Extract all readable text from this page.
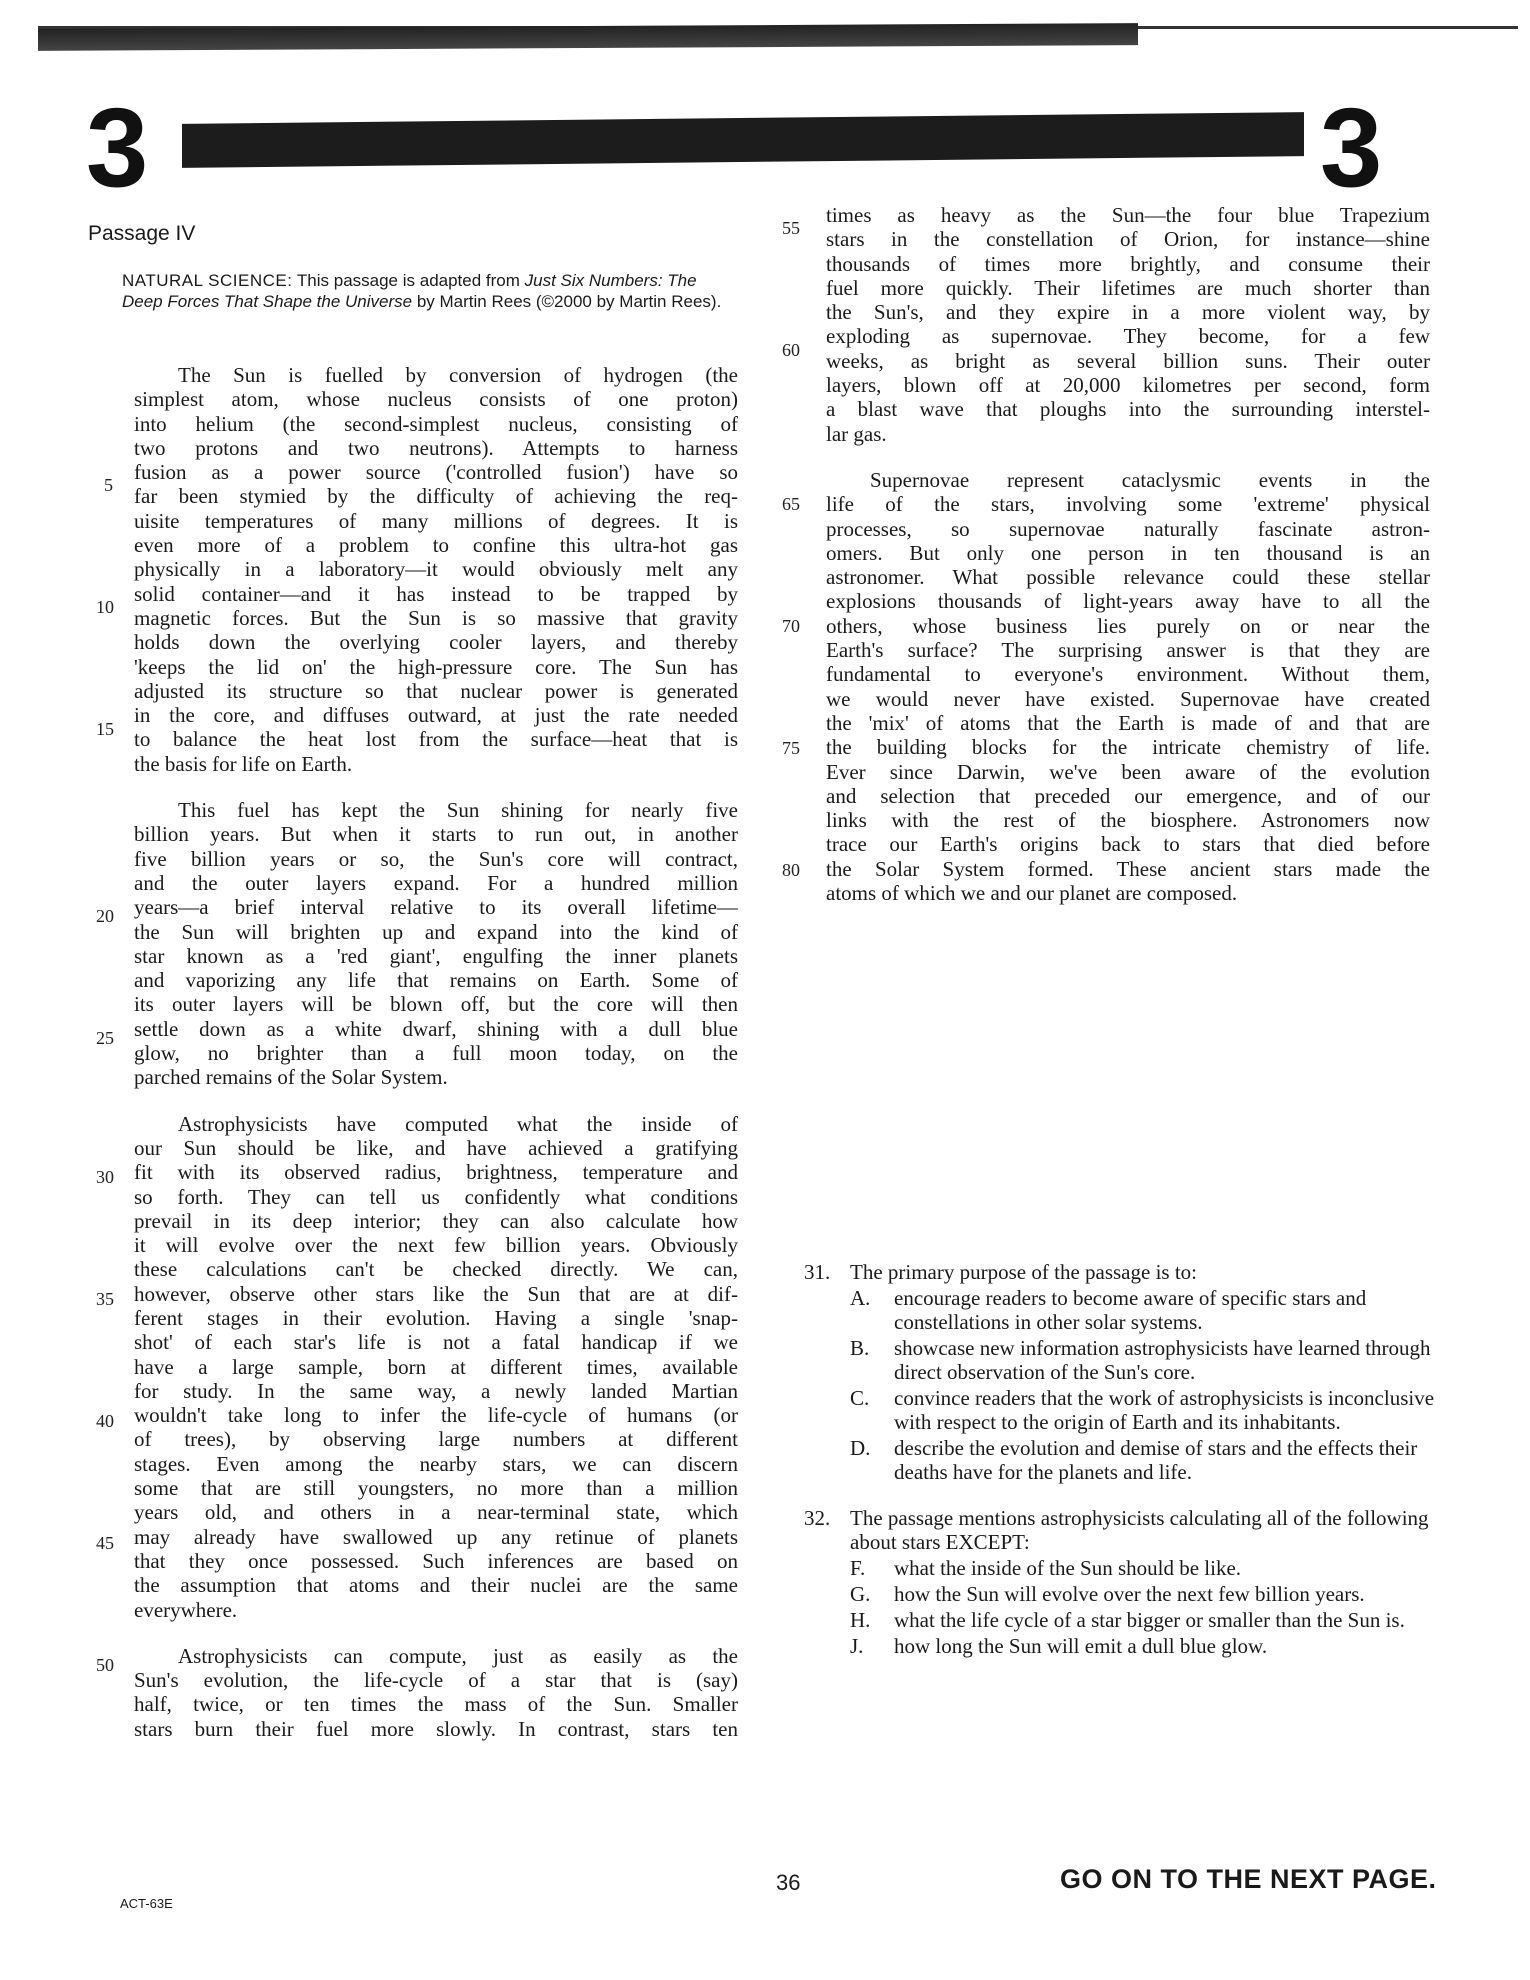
3	3
Passage IV
NATURAL SCIENCE: This passage is adapted from Just Six Numbers: The Deep Forces That Shape the Universe by Martin Rees (©2000 by Martin Rees).
The Sun is fuelled by conversion of hydrogen (the
simplest atom, whose nucleus consists of one proton)
into helium (the second-simplest nucleus, consisting of
two protons and two neutrons). Attempts to harness
fusion as a power source ('controlled fusion') have so
far been stymied by the difficulty of achieving the req-
uisite temperatures of many millions of degrees. It is
even more of a problem to confine this ultra-hot gas
physically in a laboratory—it would obviously melt any
solid container—and it has instead to be trapped by
magnetic forces. But the Sun is so massive that gravity
holds down the overlying cooler layers, and thereby
'keeps the lid on' the high-pressure core. The Sun has
adjusted its structure so that nuclear power is generated
in the core, and diffuses outward, at just the rate needed
to balance the heat lost from the surface—heat that is
the basis for life on Earth.
This fuel has kept the Sun shining for nearly five
billion years. But when it starts to run out, in another
five billion years or so, the Sun's core will contract,
and the outer layers expand. For a hundred million
years—a brief interval relative to its overall lifetime—
the Sun will brighten up and expand into the kind of
star known as a 'red giant', engulfing the inner planets
and vaporizing any life that remains on Earth. Some of
its outer layers will be blown off, but the core will then
settle down as a white dwarf, shining with a dull blue
glow, no brighter than a full moon today, on the
parched remains of the Solar System.
Astrophysicists have computed what the inside of
our Sun should be like, and have achieved a gratifying
fit with its observed radius, brightness, temperature and
so forth. They can tell us confidently what conditions
prevail in its deep interior; they can also calculate how
it will evolve over the next few billion years. Obviously
these calculations can't be checked directly. We can,
however, observe other stars like the Sun that are at dif-
ferent stages in their evolution. Having a single 'snap-
shot' of each star's life is not a fatal handicap if we
have a large sample, born at different times, available
for study. In the same way, a newly landed Martian
wouldn't take long to infer the life-cycle of humans (or
of trees), by observing large numbers at different
stages. Even among the nearby stars, we can discern
some that are still youngsters, no more than a million
years old, and others in a near-terminal state, which
may already have swallowed up any retinue of planets
that they once possessed. Such inferences are based on
the assumption that atoms and their nuclei are the same
everywhere.
Astrophysicists can compute, just as easily as the
Sun's evolution, the life-cycle of a star that is (say)
half, twice, or ten times the mass of the Sun. Smaller
stars burn their fuel more slowly. In contrast, stars ten
times as heavy as the Sun—the four blue Trapezium
stars in the constellation of Orion, for instance—shine
thousands of times more brightly, and consume their
fuel more quickly. Their lifetimes are much shorter than
the Sun's, and they expire in a more violent way, by
exploding as supernovae. They become, for a few
weeks, as bright as several billion suns. Their outer
layers, blown off at 20,000 kilometres per second, form
a blast wave that ploughs into the surrounding interstel-
lar gas.
Supernovae represent cataclysmic events in the
life of the stars, involving some 'extreme' physical
processes, so supernovae naturally fascinate astron-
omers. But only one person in ten thousand is an
astronomer. What possible relevance could these stellar
explosions thousands of light-years away have to all the
others, whose business lies purely on or near the
Earth's surface? The surprising answer is that they are
fundamental to everyone's environment. Without them,
we would never have existed. Supernovae have created
the 'mix' of atoms that the Earth is made of and that are
the building blocks for the intricate chemistry of life.
Ever since Darwin, we've been aware of the evolution
and selection that preceded our emergence, and of our
links with the rest of the biosphere. Astronomers now
trace our Earth's origins back to stars that died before
the Solar System formed. These ancient stars made the
atoms of which we and our planet are composed.
5
10
15
20
25
30
35
40
45
50
55
60
65
70
75
80
31. The primary purpose of the passage is to:
A.	encourage readers to become aware of specific stars and constellations in other solar systems.
B.	showcase new information astrophysicists have learned through direct observation of the Sun's core.
C.	convince readers that the work of astrophysicists is inconclusive with respect to the origin of Earth and its inhabitants.
D.	describe the evolution and demise of stars and the effects their deaths have for the planets and life.
32. The passage mentions astrophysicists calculating all of the following about stars EXCEPT:
F.	what the inside of the Sun should be like.
G.	how the Sun will evolve over the next few billion years.
H.	what the life cycle of a star bigger or smaller than the Sun is.
J.	how long the Sun will emit a dull blue glow.
36
ACT-63E
GO ON TO THE NEXT PAGE.
